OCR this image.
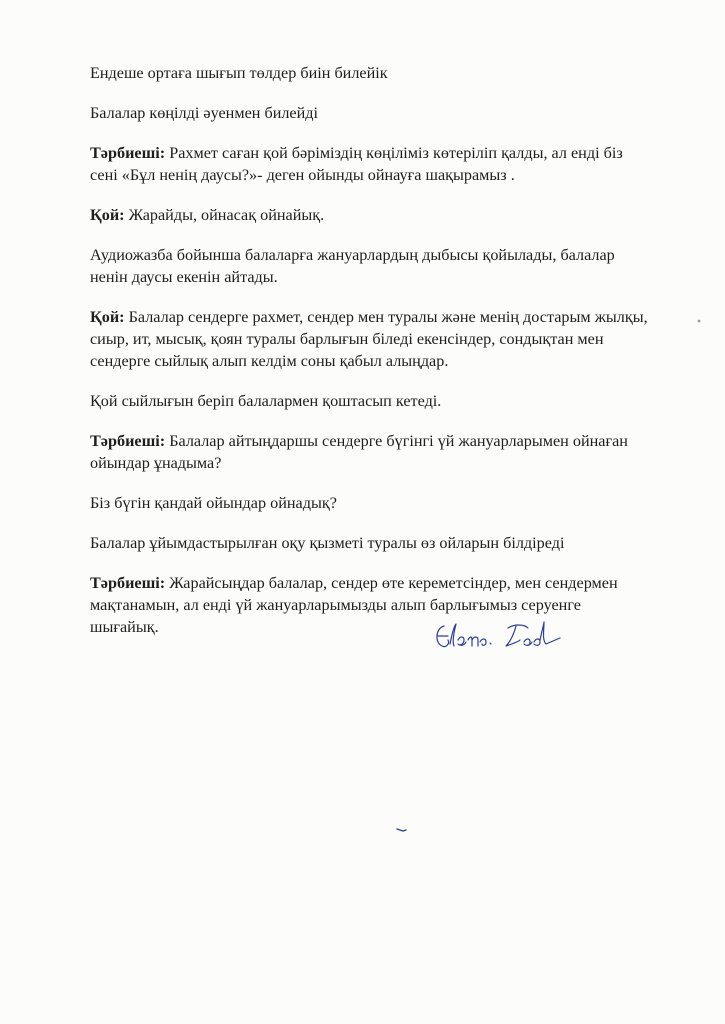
Ендеше ортаға шығып төлдер биін билейік

Балалар көңілді әуенмен билейді

Тәрбиеші: Рахмет саған қой бәріміздің көңіліміз көтеріліп қалды, ал енді біз сені «Бұл ненің даусы?»- деген ойынды ойнауға шақырамыз .

Қой: Жарайды, ойнасақ ойнайық.

Аудиожазба бойынша балаларға жануарлардың дыбысы қойылады, балалар ненін даусы екенін айтады.

Қой: Балалар сендерге рахмет, сендер мен туралы және менің достарым жылқы, сиыр, ит, мысық, қоян туралы барлығын біледі екенсіндер, сондықтан мен сендерге сыйлық алып келдім соны қабыл алыңдар.

Қой сыйлығын беріп балалармен қоштасып кетеді.

Тәрбиеші: Балалар айтыңдаршы сендерге бүгінгі үй жануарларымен ойнаған ойындар ұнадыма?

Біз бүгін қандай ойындар ойнадық?

Балалар ұйымдастырылған оқу қызметі туралы өз ойларын білдіреді

Тәрбиеші: Жарайсыңдар балалар, сендер өте кереметсіндер, мен сендермен мақтанамын, ал енді үй жануарларымызды алып барлығымыз серуенге шығайық.
